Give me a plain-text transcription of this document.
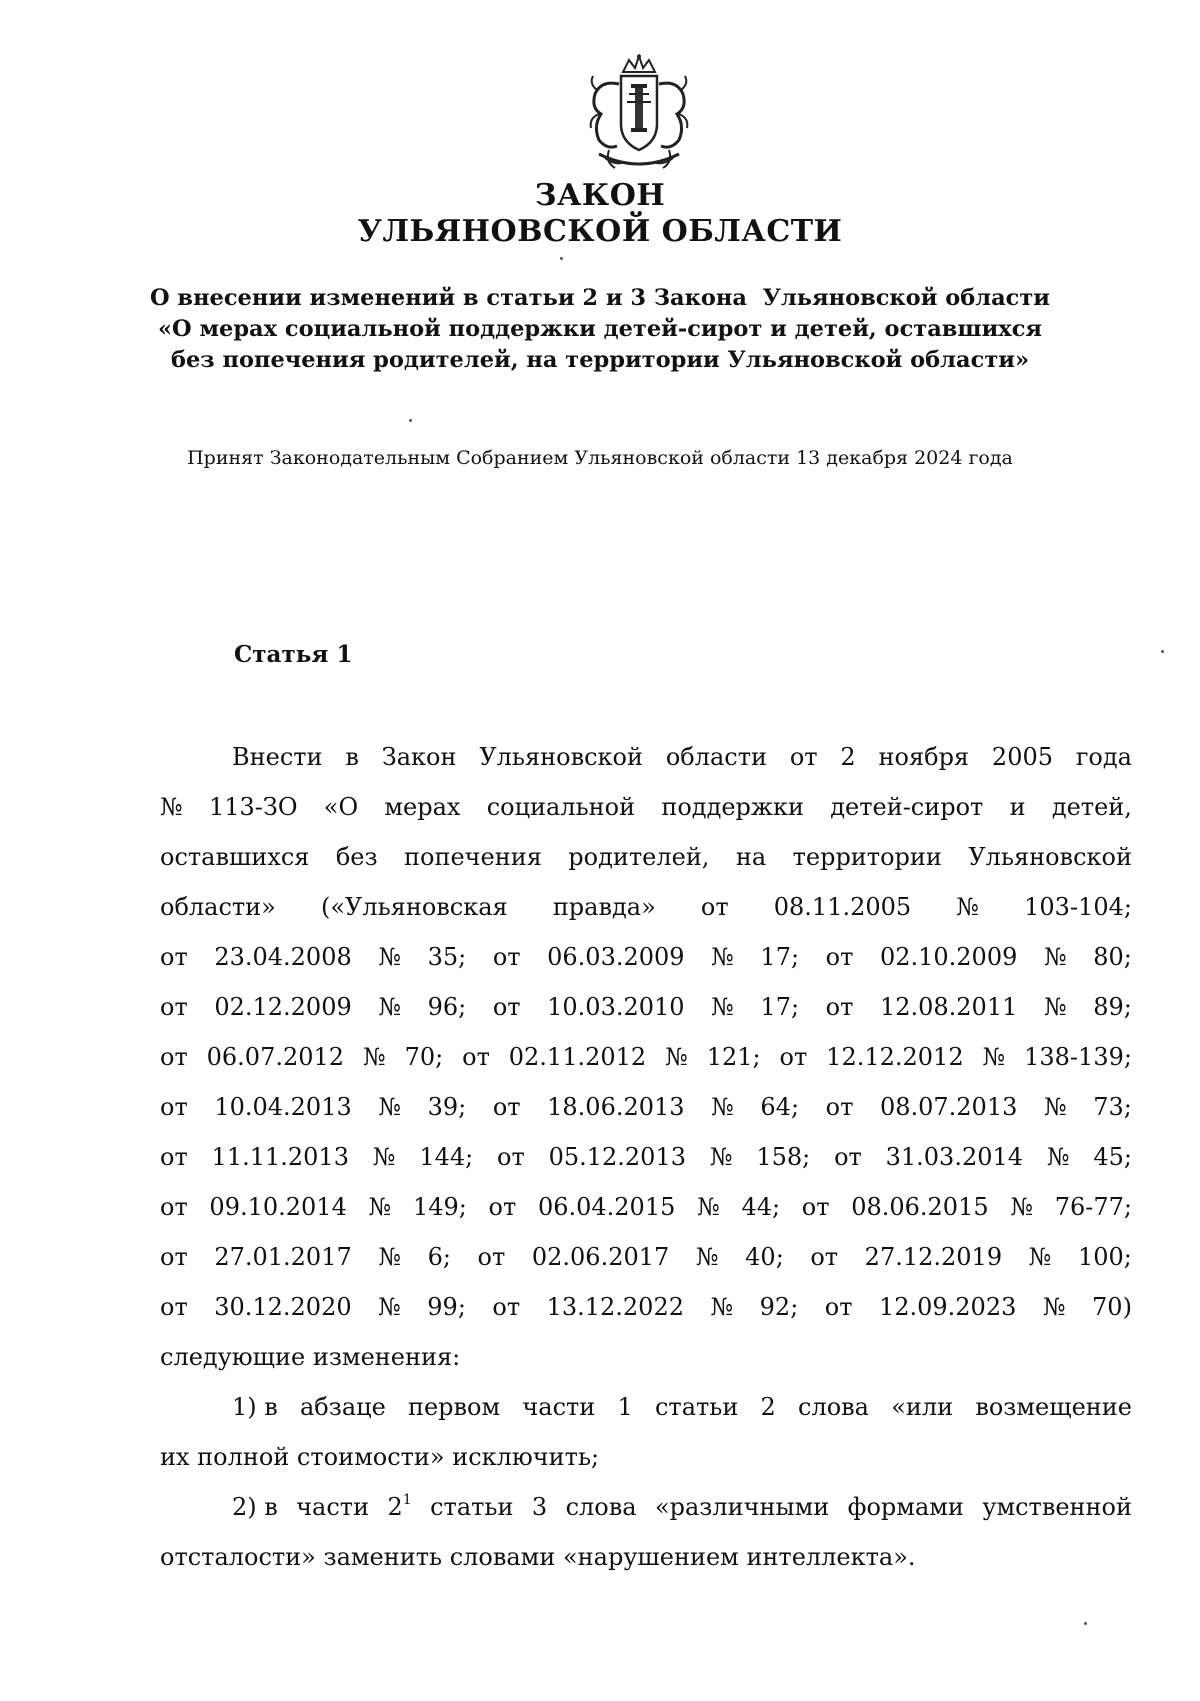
ЗАКОН
УЛЬЯНОВСКОЙ ОБЛАСТИ
О внесении изменений в статьи 2 и 3 Закона  Ульяновской области
«О мерах социальной поддержки детей-сирот и детей, оставшихся
без попечения родителей, на территории Ульяновской области»
Принят Законодательным Собранием Ульяновской области 13 декабря 2024 года
Статья 1
Внести в Закон Ульяновской области от 2 ноября 2005 года
№ 113-ЗО «О мерах социальной поддержки детей-сирот и детей,
оставшихся без попечения родителей, на территории Ульяновской
области» («Ульяновская правда» от 08.11.2005 № 103-104;
от 23.04.2008 № 35; от 06.03.2009 № 17; от 02.10.2009 № 80;
от 02.12.2009 № 96; от 10.03.2010 № 17; от 12.08.2011 № 89;
от 06.07.2012 № 70; от 02.11.2012 № 121; от 12.12.2012 № 138-139;
от 10.04.2013 № 39; от 18.06.2013 № 64; от 08.07.2013 № 73;
от 11.11.2013 № 144; от 05.12.2013 № 158; от 31.03.2014 № 45;
от 09.10.2014 № 149; от 06.04.2015 № 44; от 08.06.2015 № 76-77;
от 27.01.2017 № 6; от 02.06.2017 № 40; от 27.12.2019 № 100;
от 30.12.2020 № 99; от 13.12.2022 № 92; от 12.09.2023 № 70)
следующие изменения:
1) в абзаце первом части 1 статьи 2 слова «или возмещение
их полной стоимости» исключить;
2) в части $2^1$ статьи 3 слова «различными формами умственной
отсталости» заменить словами «нарушением интеллекта».
